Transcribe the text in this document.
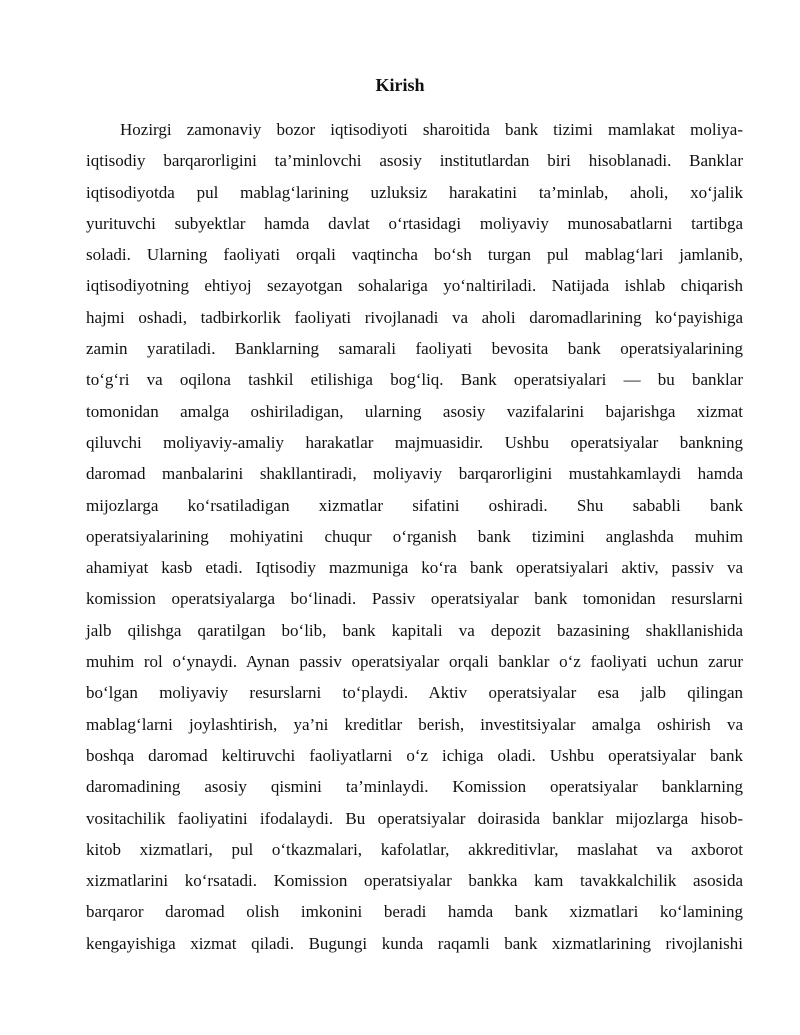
Kirish
Hozirgi zamonaviy bozor iqtisodiyoti sharoitida bank tizimi mamlakat moliya-
iqtisodiy barqarorligini ta’minlovchi asosiy institutlardan biri hisoblanadi. Banklar
iqtisodiyotda pul mablag‘larining uzluksiz harakatini ta’minlab, aholi, xo‘jalik
yurituvchi subyektlar hamda davlat o‘rtasidagi moliyaviy munosabatlarni tartibga
soladi. Ularning faoliyati orqali vaqtincha bo‘sh turgan pul mablag‘lari jamlanib,
iqtisodiyotning ehtiyoj sezayotgan sohalariga yo‘naltiriladi. Natijada ishlab chiqarish
hajmi oshadi, tadbirkorlik faoliyati rivojlanadi va aholi daromadlarining ko‘payishiga
zamin yaratiladi. Banklarning samarali faoliyati bevosita bank operatsiyalarining
to‘g‘ri va oqilona tashkil etilishiga bog‘liq. Bank operatsiyalari — bu banklar
tomonidan amalga oshiriladigan, ularning asosiy vazifalarini bajarishga xizmat
qiluvchi moliyaviy-amaliy harakatlar majmuasidir. Ushbu operatsiyalar bankning
daromad manbalarini shakllantiradi, moliyaviy barqarorligini mustahkamlaydi hamda
mijozlarga ko‘rsatiladigan xizmatlar sifatini oshiradi. Shu sababli bank
operatsiyalarining mohiyatini chuqur o‘rganish bank tizimini anglashda muhim
ahamiyat kasb etadi. Iqtisodiy mazmuniga ko‘ra bank operatsiyalari aktiv, passiv va
komission operatsiyalarga bo‘linadi. Passiv operatsiyalar bank tomonidan resurslarni
jalb qilishga qaratilgan bo‘lib, bank kapitali va depozit bazasining shakllanishida
muhim rol o‘ynaydi. Aynan passiv operatsiyalar orqali banklar o‘z faoliyati uchun zarur
bo‘lgan moliyaviy resurslarni to‘playdi. Aktiv operatsiyalar esa jalb qilingan
mablag‘larni joylashtirish, ya’ni kreditlar berish, investitsiyalar amalga oshirish va
boshqa daromad keltiruvchi faoliyatlarni o‘z ichiga oladi. Ushbu operatsiyalar bank
daromadining asosiy qismini ta’minlaydi. Komission operatsiyalar banklarning
vositachilik faoliyatini ifodalaydi. Bu operatsiyalar doirasida banklar mijozlarga hisob-
kitob xizmatlari, pul o‘tkazmalari, kafolatlar, akkreditivlar, maslahat va axborot
xizmatlarini ko‘rsatadi. Komission operatsiyalar bankka kam tavakkalchilik asosida
barqaror daromad olish imkonini beradi hamda bank xizmatlari ko‘lamining
kengayishiga xizmat qiladi. Bugungi kunda raqamli bank xizmatlarining rivojlanishi
